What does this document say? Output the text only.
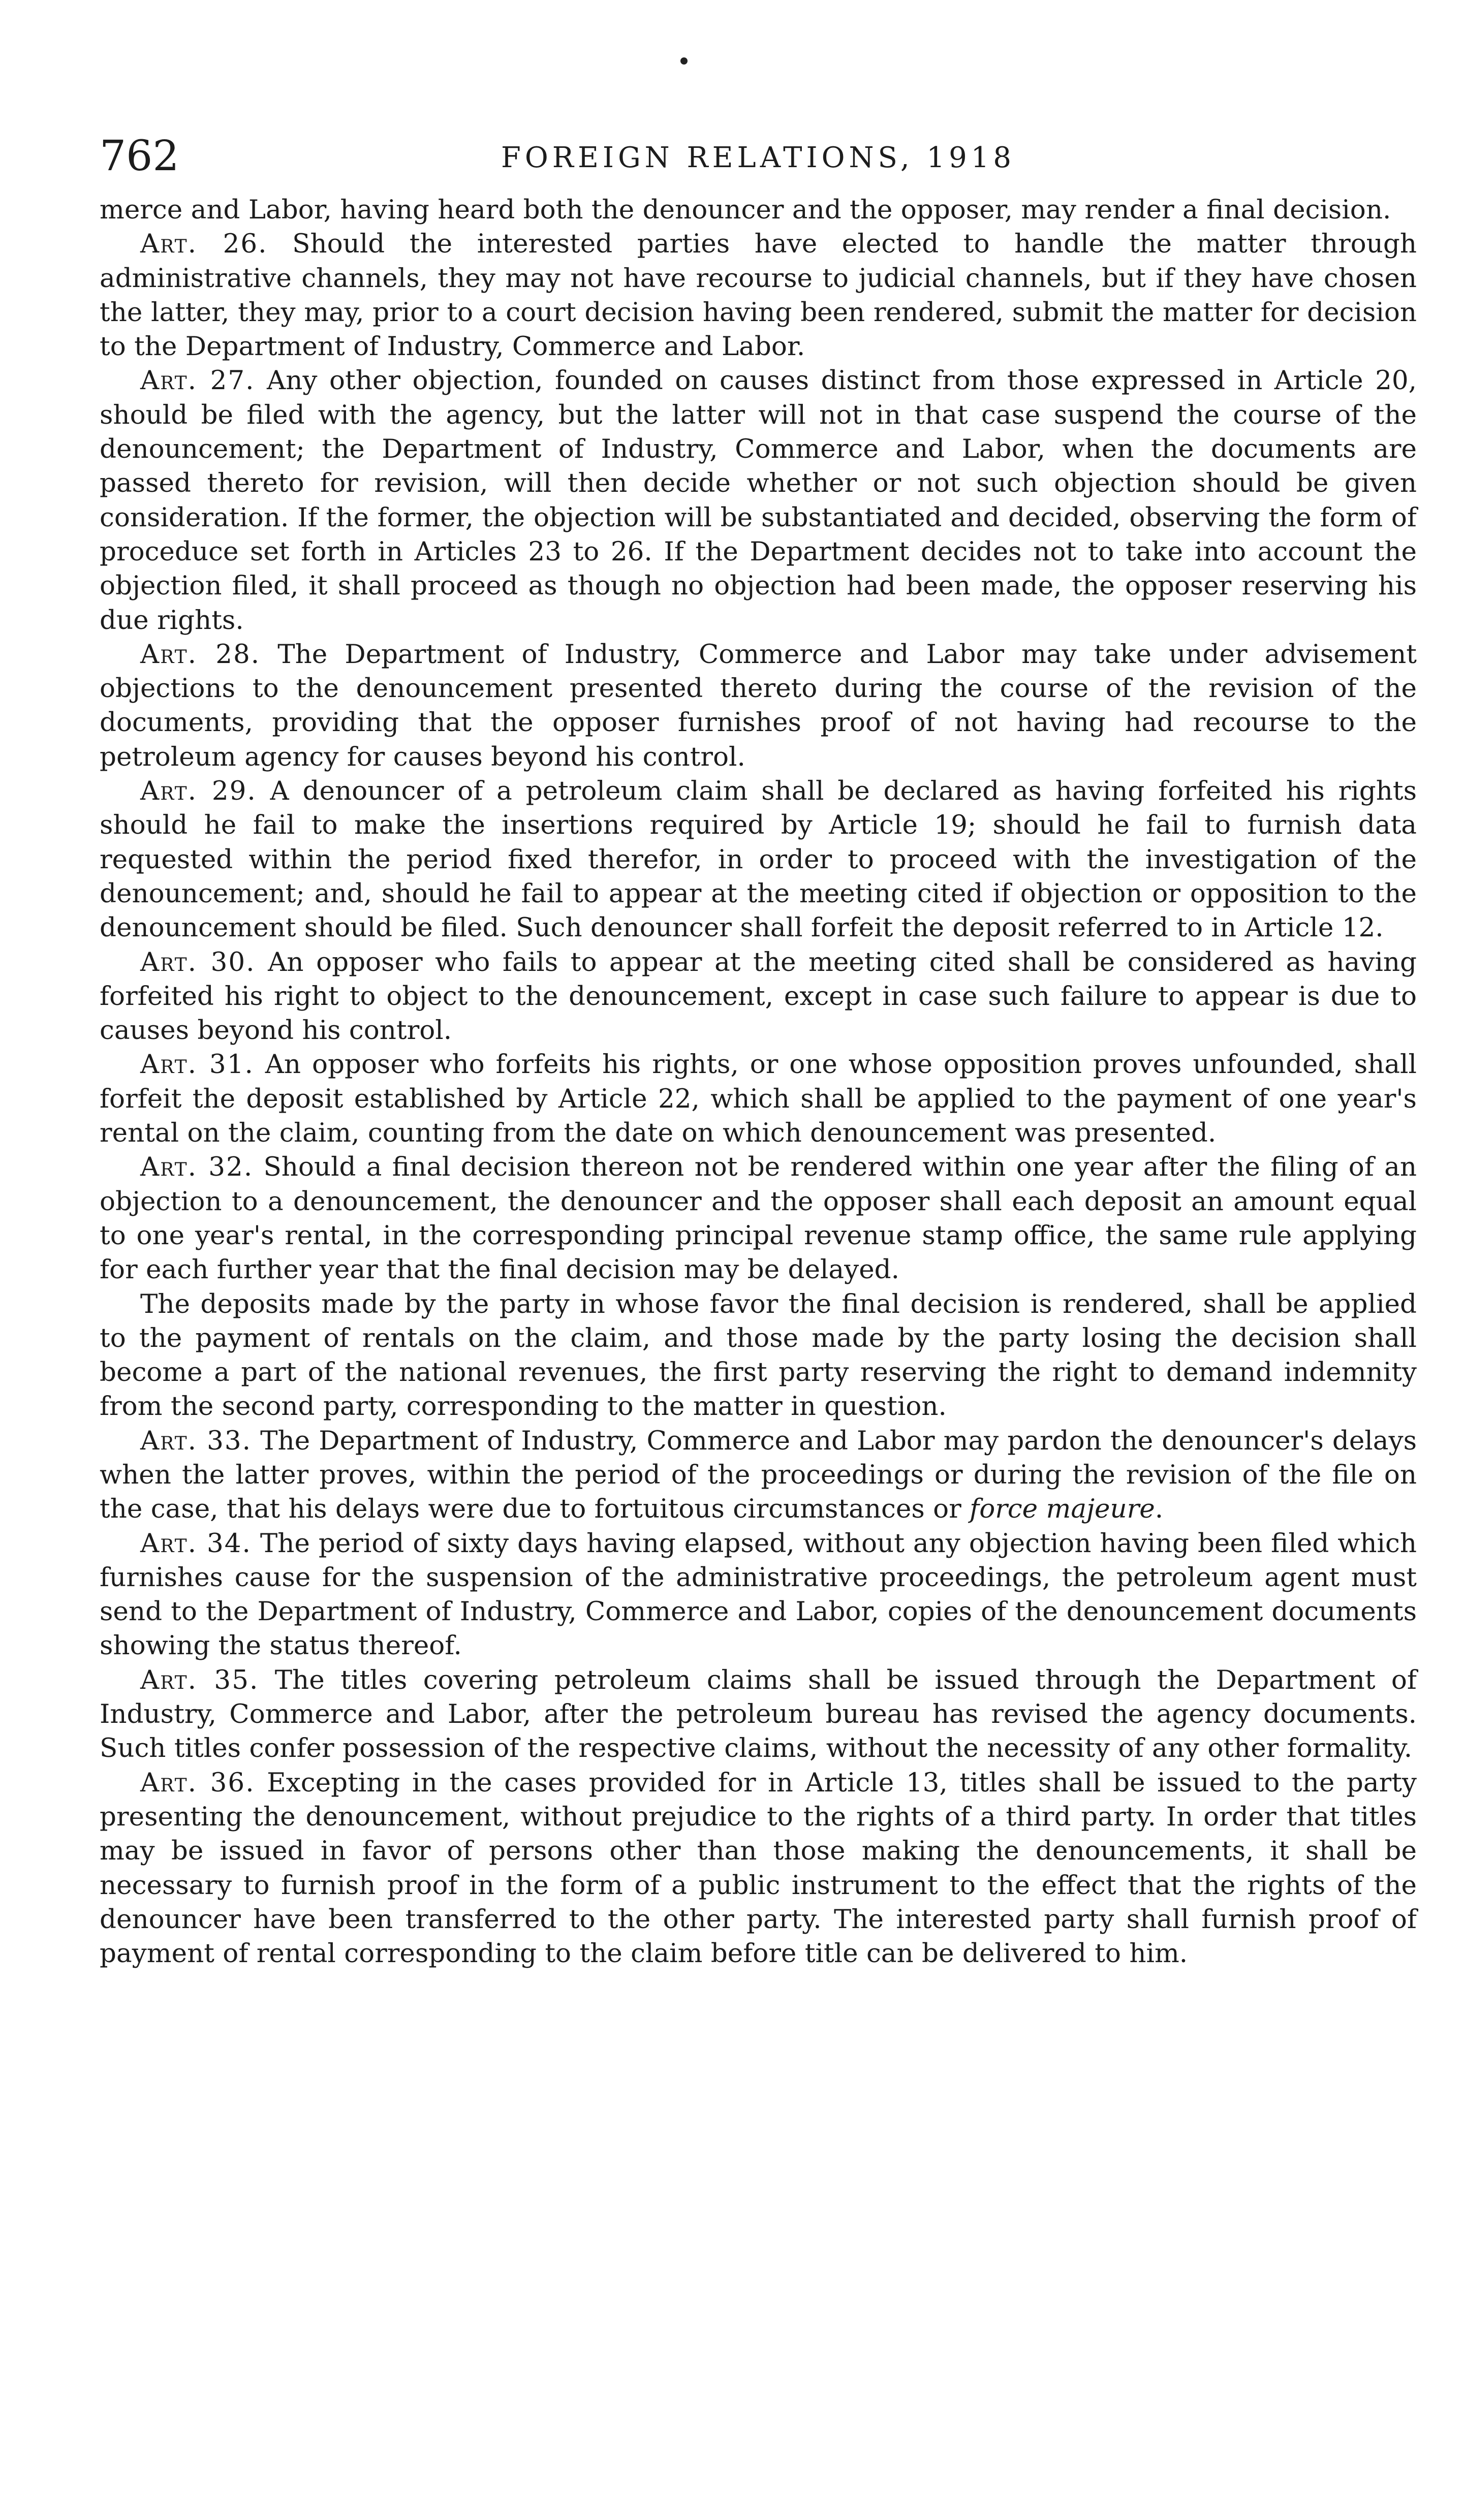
762	FOREIGN RELATIONS, 1918

merce and Labor, having heard both the denouncer and the opposer, may render a final decision.

Art. 26. Should the interested parties have elected to handle the matter through administrative channels, they may not have recourse to judicial channels, but if they have chosen the latter, they may, prior to a court decision having been rendered, submit the matter for decision to the Department of Industry, Commerce and Labor.

Art. 27. Any other objection, founded on causes distinct from those expressed in Article 20, should be filed with the agency, but the latter will not in that case suspend the course of the denouncement; the Department of Industry, Commerce and Labor, when the documents are passed thereto for revision, will then decide whether or not such objection should be given consideration. If the former, the objection will be substantiated and decided, observing the form of proceduce set forth in Articles 23 to 26. If the Department decides not to take into account the objection filed, it shall proceed as though no objection had been made, the opposer reserving his due rights.

Art. 28. The Department of Industry, Commerce and Labor may take under advisement objections to the denouncement presented thereto during the course of the revision of the documents, providing that the opposer furnishes proof of not having had recourse to the petroleum agency for causes beyond his control.

Art. 29. A denouncer of a petroleum claim shall be declared as having forfeited his rights should he fail to make the insertions required by Article 19; should he fail to furnish data requested within the period fixed therefor, in order to proceed with the investigation of the denouncement; and, should he fail to appear at the meeting cited if objection or opposition to the denouncement should be filed. Such denouncer shall forfeit the deposit referred to in Article 12.

Art. 30. An opposer who fails to appear at the meeting cited shall be considered as having forfeited his right to object to the denouncement, except in case such failure to appear is due to causes beyond his control.

Art. 31. An opposer who forfeits his rights, or one whose opposition proves unfounded, shall forfeit the deposit established by Article 22, which shall be applied to the payment of one year's rental on the claim, counting from the date on which denouncement was presented.

Art. 32. Should a final decision thereon not be rendered within one year after the filing of an objection to a denouncement, the denouncer and the opposer shall each deposit an amount equal to one year's rental, in the corresponding principal revenue stamp office, the same rule applying for each further year that the final decision may be delayed.

The deposits made by the party in whose favor the final decision is rendered, shall be applied to the payment of rentals on the claim, and those made by the party losing the decision shall become a part of the national revenues, the first party reserving the right to demand indemnity from the second party, corresponding to the matter in question.

Art. 33. The Department of Industry, Commerce and Labor may pardon the denouncer's delays when the latter proves, within the period of the proceedings or during the revision of the file on the case, that his delays were due to fortuitous circumstances or force majeure.

Art. 34. The period of sixty days having elapsed, without any objection having been filed which furnishes cause for the suspension of the administrative proceedings, the petroleum agent must send to the Department of Industry, Commerce and Labor, copies of the denouncement documents showing the status thereof.

Art. 35. The titles covering petroleum claims shall be issued through the Department of Industry, Commerce and Labor, after the petroleum bureau has revised the agency documents. Such titles confer possession of the respective claims, without the necessity of any other formality.

Art. 36. Excepting in the cases provided for in Article 13, titles shall be issued to the party presenting the denouncement, without prejudice to the rights of a third party. In order that titles may be issued in favor of persons other than those making the denouncements, it shall be necessary to furnish proof in the form of a public instrument to the effect that the rights of the denouncer have been transferred to the other party. The interested party shall furnish proof of payment of rental corresponding to the claim before title can be delivered to him.
